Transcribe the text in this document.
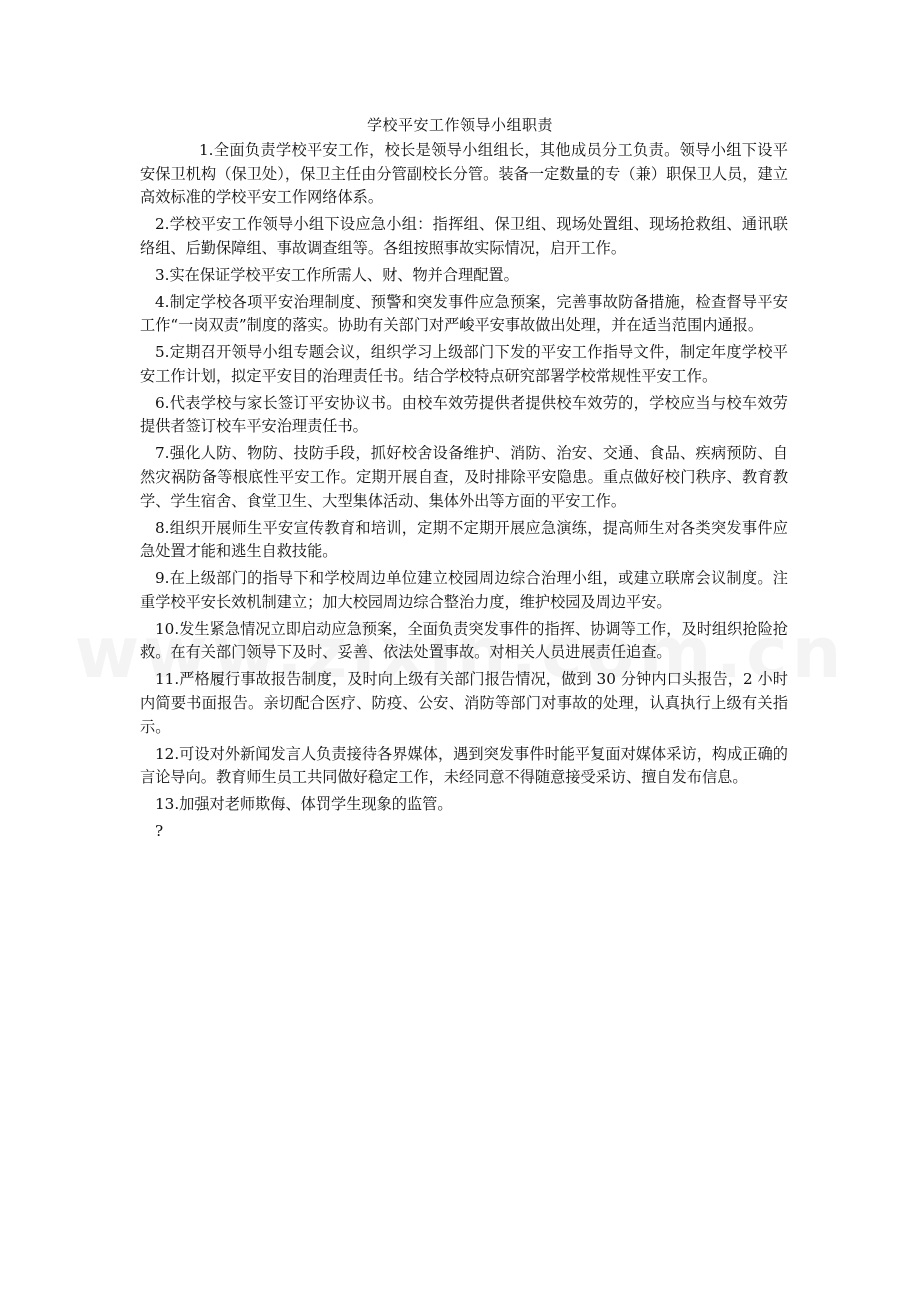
学校平安工作领导小组职责

1.全面负责学校平安工作，校长是领导小组组长，其他成员分工负责。领导小组下设平安保卫机构（保卫处），保卫主任由分管副校长分管。装备一定数量的专（兼）职保卫人员，建立高效标准的学校平安工作网络体系。

2.学校平安工作领导小组下设应急小组：指挥组、保卫组、现场处置组、现场抢救组、通讯联络组、后勤保障组、事故调查组等。各组按照事故实际情况，启开工作。

3.实在保证学校平安工作所需人、财、物并合理配置。

4.制定学校各项平安治理制度、预警和突发事件应急预案，完善事故防备措施，检查督导平安工作“一岗双责”制度的落实。协助有关部门对严峻平安事故做出处理，并在适当范围内通报。

5.定期召开领导小组专题会议，组织学习上级部门下发的平安工作指导文件，制定年度学校平安工作计划，拟定平安目的治理责任书。结合学校特点研究部署学校常规性平安工作。

6.代表学校与家长签订平安协议书。由校车效劳提供者提供校车效劳的，学校应当与校车效劳提供者签订校车平安治理责任书。

7.强化人防、物防、技防手段，抓好校舍设备维护、消防、治安、交通、食品、疾病预防、自然灾祸防备等根底性平安工作。定期开展自查，及时排除平安隐患。重点做好校门秩序、教育教学、学生宿舍、食堂卫生、大型集体活动、集体外出等方面的平安工作。

8.组织开展师生平安宣传教育和培训，定期不定期开展应急演练，提高师生对各类突发事件应急处置才能和逃生自救技能。

9.在上级部门的指导下和学校周边单位建立校园周边综合治理小组，或建立联席会议制度。注重学校平安长效机制建立；加大校园周边综合整治力度，维护校园及周边平安。

10.发生紧急情况立即启动应急预案，全面负责突发事件的指挥、协调等工作，及时组织抢险抢救。在有关部门领导下及时、妥善、依法处置事故。对相关人员进展责任追查。

11.严格履行事故报告制度，及时向上级有关部门报告情况，做到 30 分钟内口头报告，2 小时内简要书面报告。亲切配合医疗、防疫、公安、消防等部门对事故的处理，认真执行上级有关指示。

12.可设对外新闻发言人负责接待各界媒体，遇到突发事件时能平复面对媒体采访，构成正确的言论导向。教育师生员工共同做好稳定工作，未经同意不得随意接受采访、擅自发布信息。

13.加强对老师欺侮、体罚学生现象的监管。

?
